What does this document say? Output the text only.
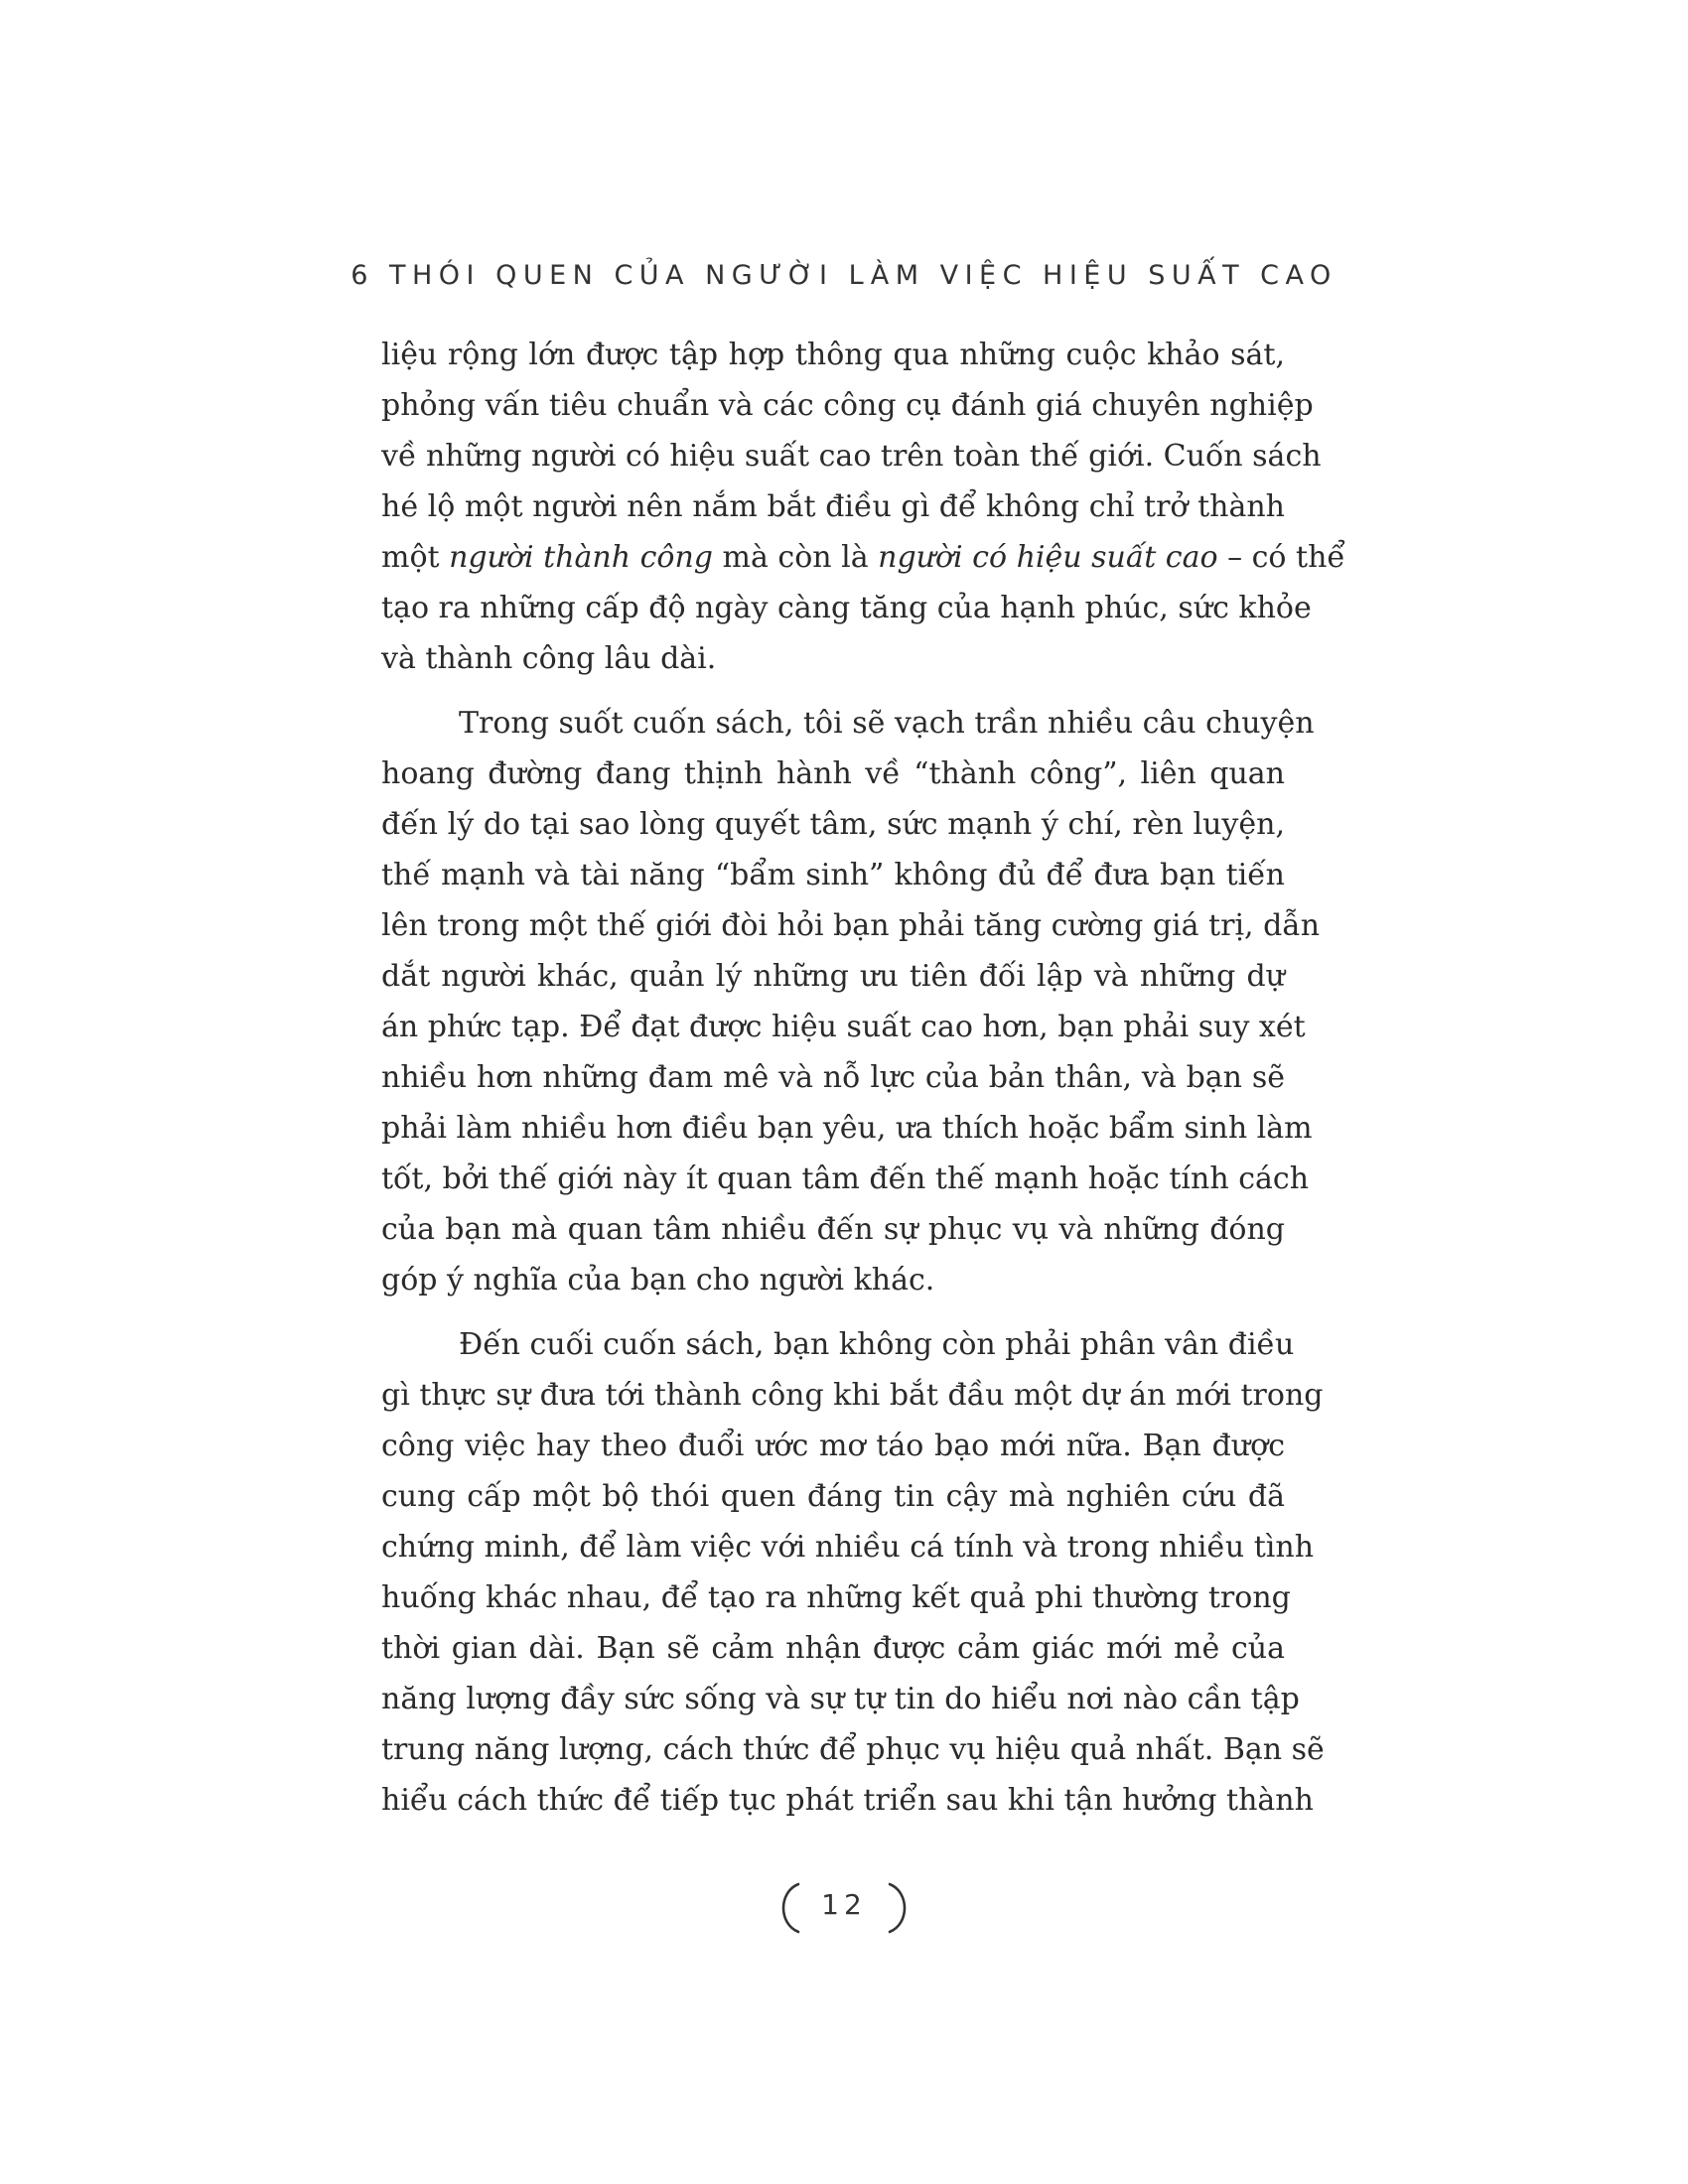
6 THÓI QUEN CỦA NGƯỜI LÀM VIỆC HIỆU SUẤT CAO
liệu rộng lớn được tập hợp thông qua những cuộc khảo sát,
phỏng vấn tiêu chuẩn và các công cụ đánh giá chuyên nghiệp
về những người có hiệu suất cao trên toàn thế giới. Cuốn sách
hé lộ một người nên nắm bắt điều gì để không chỉ trở thành
một người thành công mà còn là người có hiệu suất cao – có thể
tạo ra những cấp độ ngày càng tăng của hạnh phúc, sức khỏe
và thành công lâu dài.
Trong suốt cuốn sách, tôi sẽ vạch trần nhiều câu chuyện
hoang đường đang thịnh hành về “thành công”, liên quan
đến lý do tại sao lòng quyết tâm, sức mạnh ý chí, rèn luyện,
thế mạnh và tài năng “bẩm sinh” không đủ để đưa bạn tiến
lên trong một thế giới đòi hỏi bạn phải tăng cường giá trị, dẫn
dắt người khác, quản lý những ưu tiên đối lập và những dự
án phức tạp. Để đạt được hiệu suất cao hơn, bạn phải suy xét
nhiều hơn những đam mê và nỗ lực của bản thân, và bạn sẽ
phải làm nhiều hơn điều bạn yêu, ưa thích hoặc bẩm sinh làm
tốt, bởi thế giới này ít quan tâm đến thế mạnh hoặc tính cách
của bạn mà quan tâm nhiều đến sự phục vụ và những đóng
góp ý nghĩa của bạn cho người khác.
Đến cuối cuốn sách, bạn không còn phải phân vân điều
gì thực sự đưa tới thành công khi bắt đầu một dự án mới trong
công việc hay theo đuổi ước mơ táo bạo mới nữa. Bạn được
cung cấp một bộ thói quen đáng tin cậy mà nghiên cứu đã
chứng minh, để làm việc với nhiều cá tính và trong nhiều tình
huống khác nhau, để tạo ra những kết quả phi thường trong
thời gian dài. Bạn sẽ cảm nhận được cảm giác mới mẻ của
năng lượng đầy sức sống và sự tự tin do hiểu nơi nào cần tập
trung năng lượng, cách thức để phục vụ hiệu quả nhất. Bạn sẽ
hiểu cách thức để tiếp tục phát triển sau khi tận hưởng thành
12
